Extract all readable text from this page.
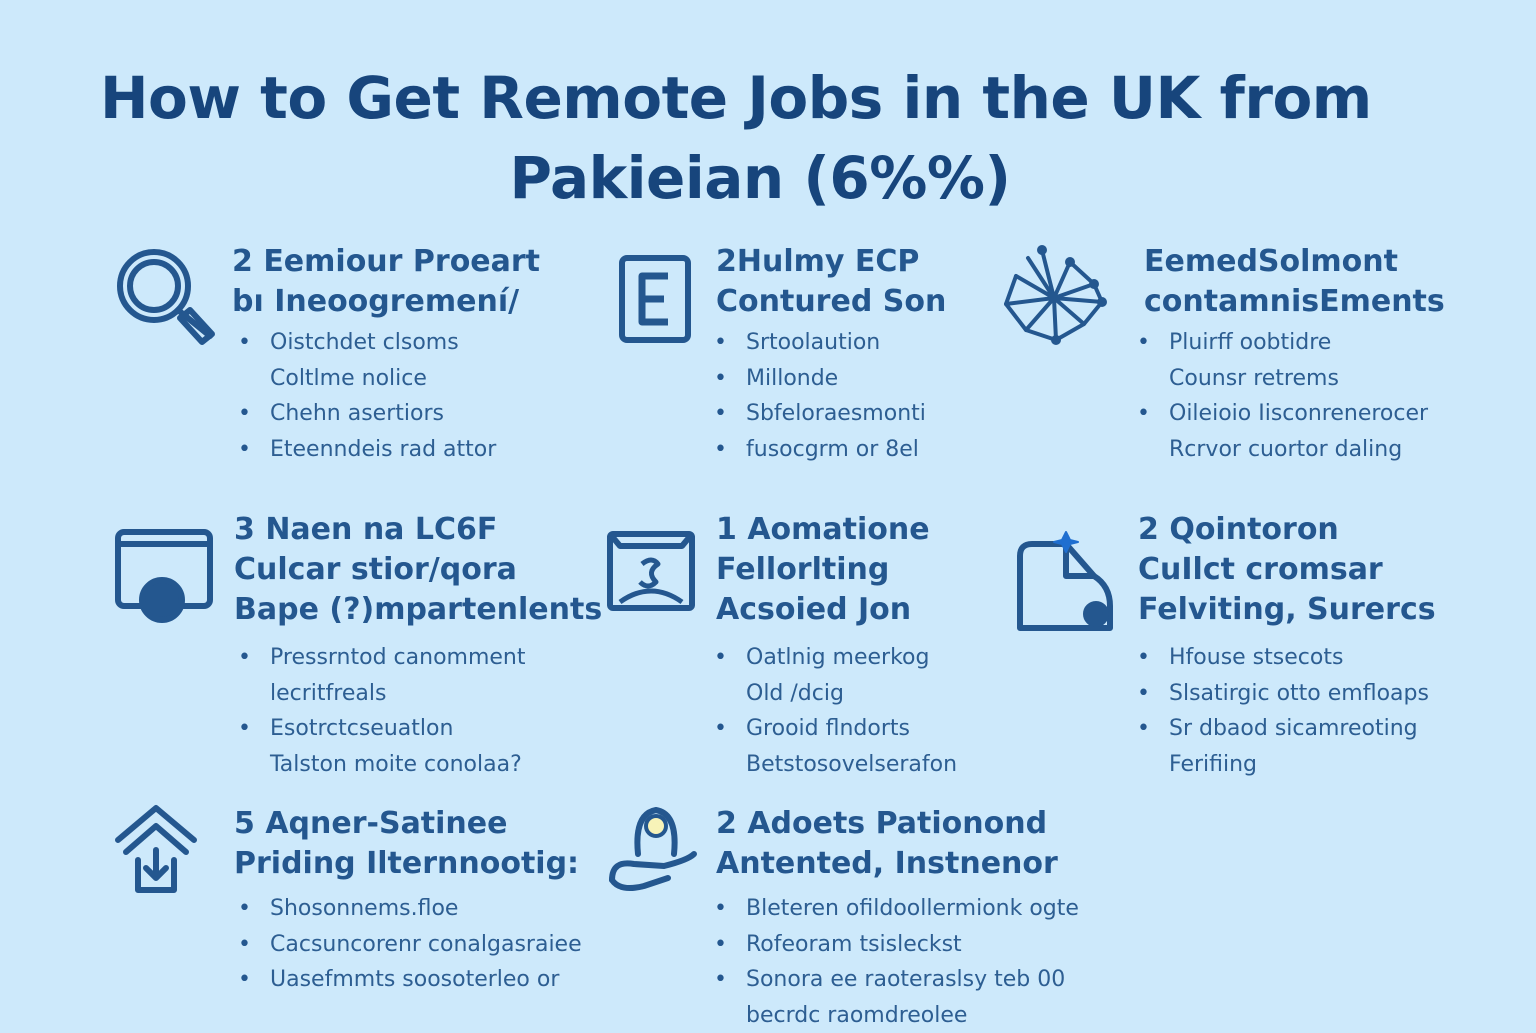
How to Get Remote Jobs in the UK from
Pakieian (6%%)
2 Eemiour Proeart
bı Ineoogremení/
• Oistchdet clsoms
Coltlme nolice
• Chehn asertiors
• Eteenndeis rad attor
2Hulmy ECP
Contured Son
• Srtoolaution
• Millonde
• Sbfeloraesmonti
• fusocgrm or 8el
EemedSolmont
contamnisEments
• Pluirff oobtidre
Counsr retrems
• Oileioio Iisconrenerocer
Rcrvor cuortor daling
3 Naen na LC6F
Culcar stior/qora
Bape (?)mpartenlents
• Pressrntod canomment
lecritfreals
• Esotrctcseuatlon
Talston moite conolaa?
1 Aomatione
Fellorlting
Acsoied Jon
• Oatlnig meerkog
Old /dcig
• Grooid flndorts
Betstosovelserafon
2 Qointoron
CuIlct cromsar
Felviting, Surercs
• Hfouse stsecots
• Slsatirgic otto emfloaps
• Sr dbaod sicamreoting
Ferifiing
5 Aqner-Satinee
Priding Ilternnootig:
• Shosonnems.floe
• Cacsuncorenr conalgasraiee
• Uasefmmts soosoterleo or
2 Adoets Pationond
Antented, Instnenor
• Bleteren ofildoollermionk ogte
• Rofeoram tsisleckst
• Sonora ee raoteraslsy teb 00
becrdc raomdreolee
